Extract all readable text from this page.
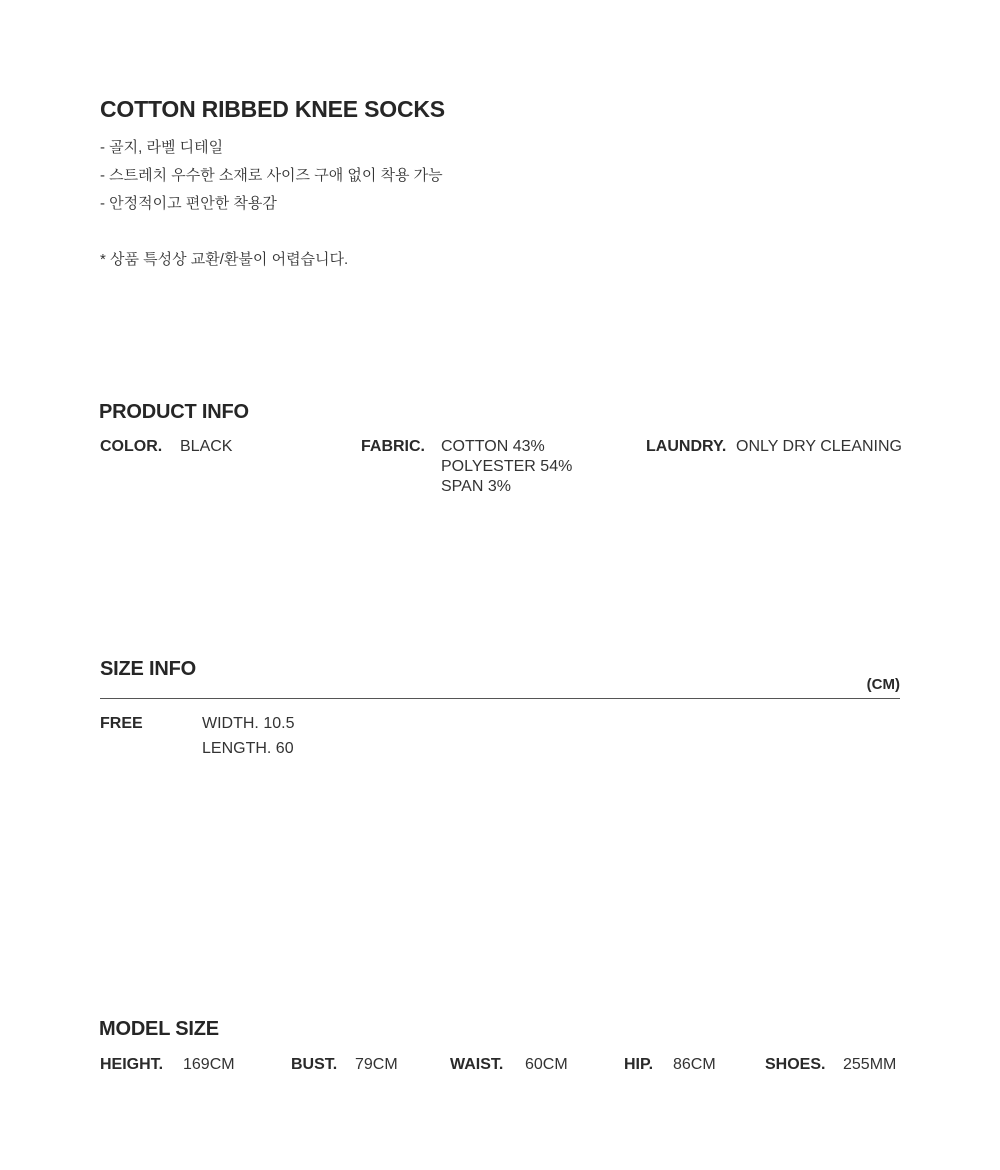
COTTON RIBBED KNEE SOCKS
- 골지, 라벨 디테일
- 스트레치 우수한 소재로 사이즈 구애 없이 착용 가능
- 안정적이고 편안한 착용감
* 상품 특성상 교환/환불이 어렵습니다.
PRODUCT INFO
COLOR. BLACK	FABRIC. COTTON 43%
POLYESTER 54%
SPAN 3%
LAUNDRY. ONLY DRY CLEANING
SIZE INFO
(CM)
FREE	WIDTH. 10.5
LENGTH. 60
MODEL SIZE
HEIGHT. 169CM	BUST. 79CM	WAIST. 60CM	HIP. 86CM	SHOES. 255MM
